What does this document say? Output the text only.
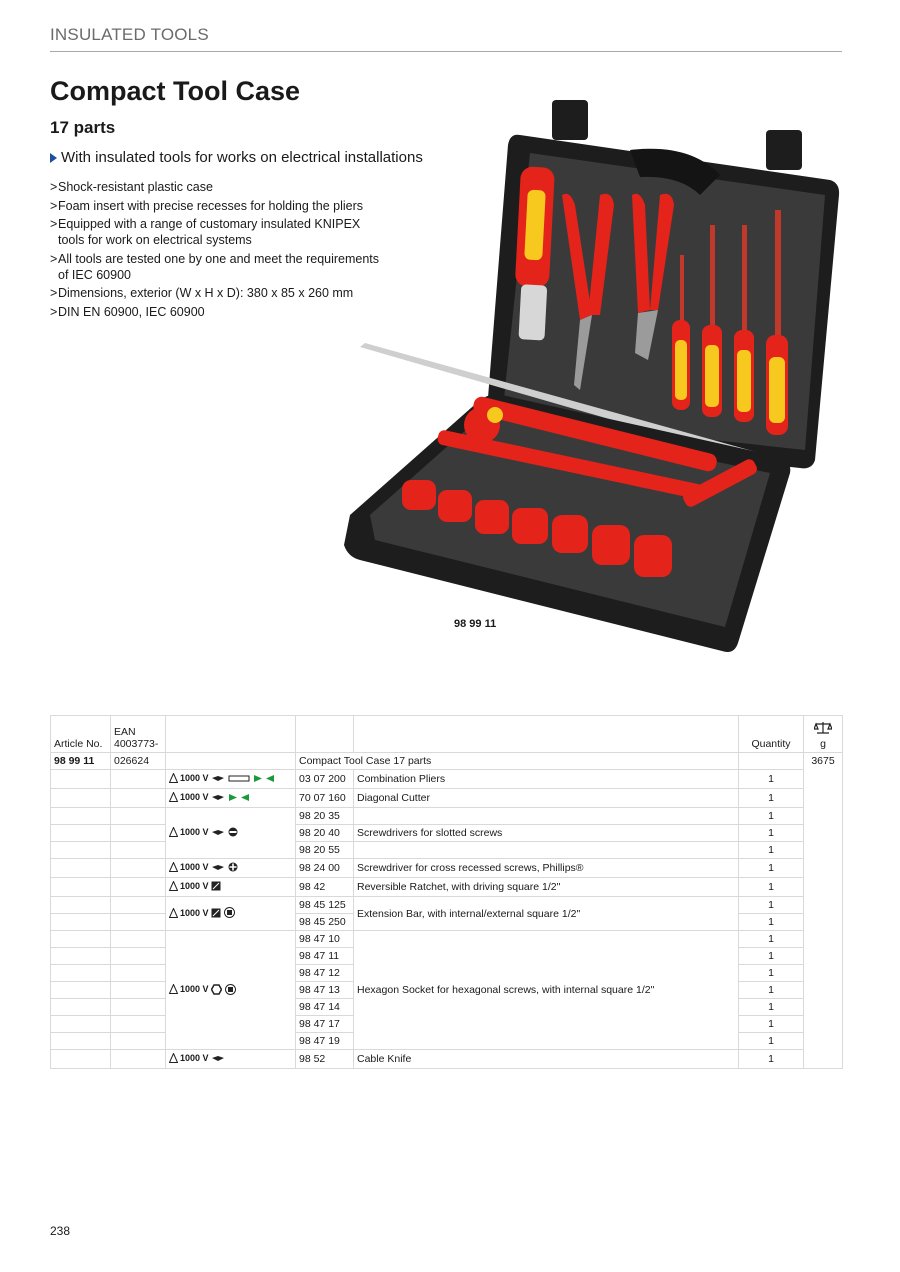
INSULATED TOOLS
Compact Tool Case
17 parts
With insulated tools for works on electrical installations
> Shock-resistant plastic case
> Foam insert with precise recesses for holding the pliers
> Equipped with a range of customary insulated KNIPEX tools for work on electrical systems
> All tools are tested one by one and meet the requirements of IEC 60900
> Dimensions, exterior (W x H x D): 380 x 85 x 260 mm
> DIN EN 60900, IEC 60900
98 99 11
Article No.	EAN
4003773-				Quantity	g

98 99 11	026624		Compact Tool Case 17 parts			3675

		1000 V	03 07 200	Combination Pliers	1	

		1000 V	70 07 160	Diagonal Cutter	1	

		1000 V	98 20 35		1	
			98 20 40	Screwdrivers for slotted screws	1	
			98 20 55		1	

		1000 V	98 24 00	Screwdriver for cross recessed screws, Phillips®	1	

		1000 V	98 42	Reversible Ratchet, with driving square 1/2"	1	

		1000 V	98 45 125	Extension Bar, with internal/external square 1/2"	1	
			98 45 250		1	

		1000 V	98 47 10	Hexagon Socket for hexagonal screws, with internal square 1/2"	1	
			98 47 11		1	
			98 47 12		1	
			98 47 13		1	
			98 47 14		1	
			98 47 17		1	
			98 47 19		1	

		1000 V	98 52	Cable Knife	1	
238
